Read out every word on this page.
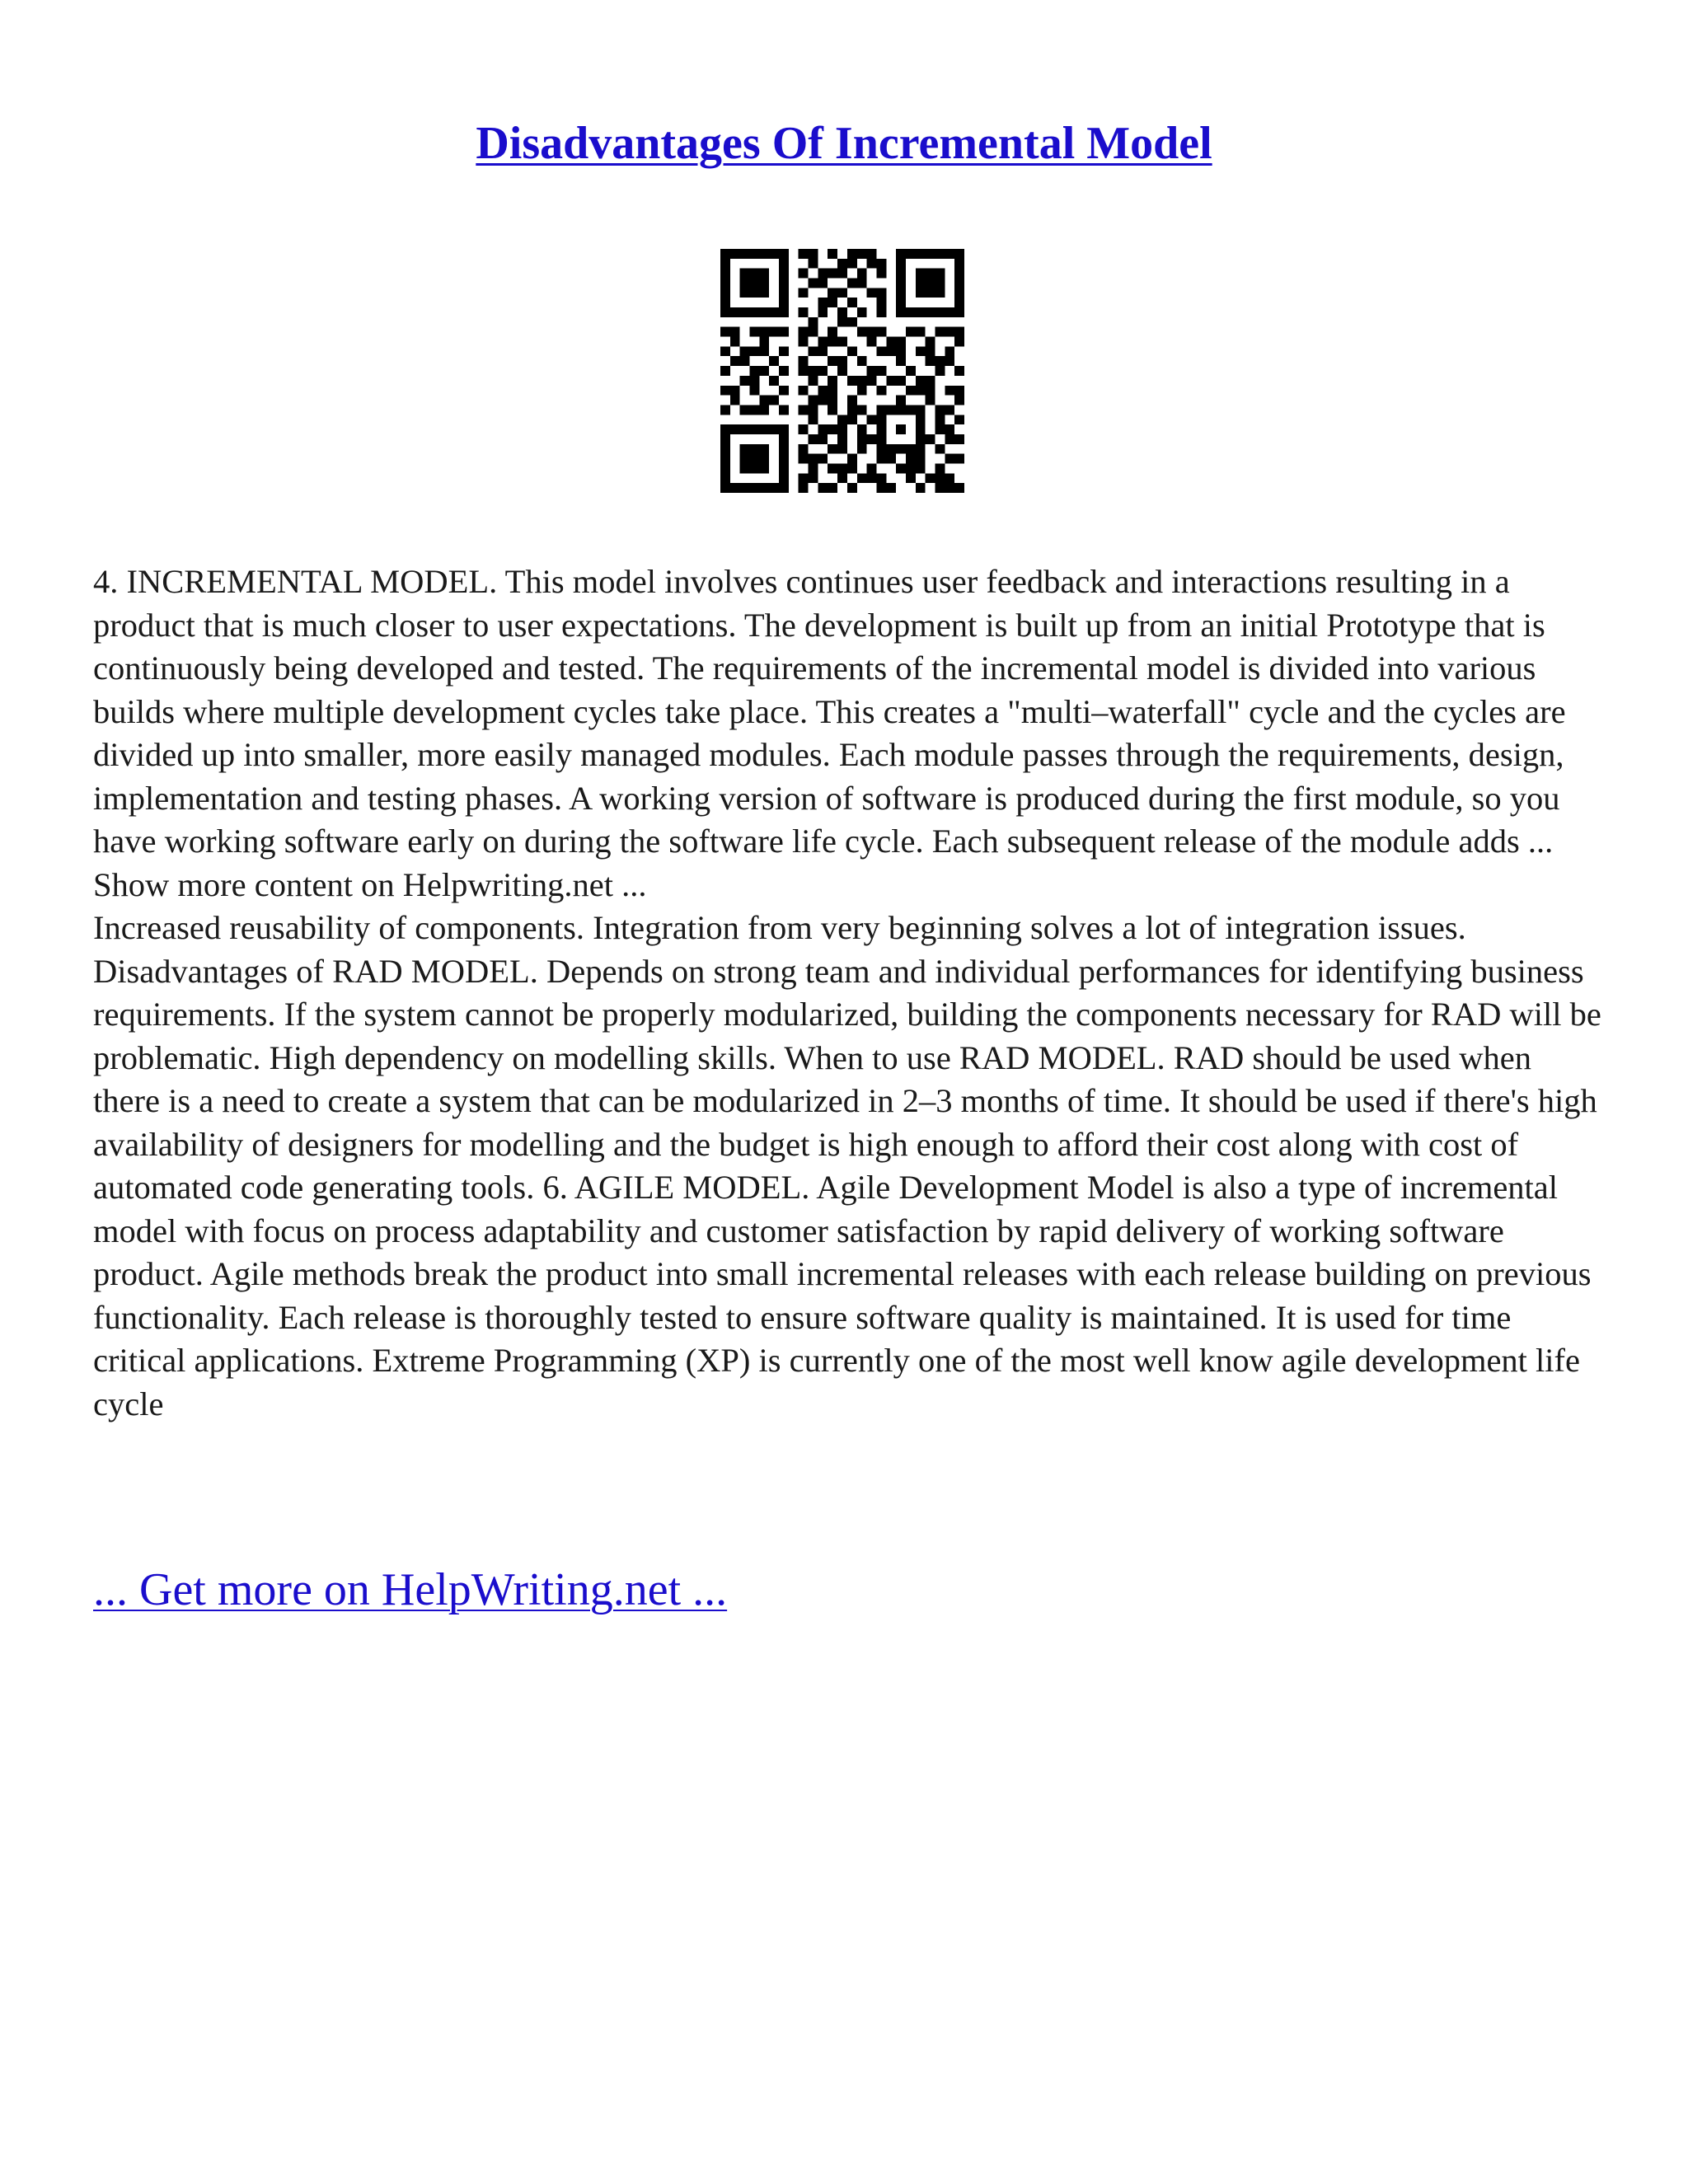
Disadvantages Of Incremental Model

4. INCREMENTAL MODEL. This model involves continues user feedback and interactions resulting in a product that is much closer to user expectations. The development is built up from an initial Prototype that is continuously being developed and tested. The requirements of the incremental model is divided into various builds where multiple development cycles take place. This creates a "multi–waterfall" cycle and the cycles are divided up into smaller, more easily managed modules. Each module passes through the requirements, design, implementation and testing phases. A working version of software is produced during the first module, so you have working software early on during the software life cycle. Each subsequent release of the module adds ... Show more content on Helpwriting.net ...

Increased reusability of components. Integration from very beginning solves a lot of integration issues. Disadvantages of RAD MODEL. Depends on strong team and individual performances for identifying business requirements. If the system cannot be properly modularized, building the components necessary for RAD will be problematic. High dependency on modelling skills. When to use RAD MODEL. RAD should be used when there is a need to create a system that can be modularized in 2–3 months of time. It should be used if there's high availability of designers for modelling and the budget is high enough to afford their cost along with cost of automated code generating tools. 6. AGILE MODEL. Agile Development Model is also a type of incremental model with focus on process adaptability and customer satisfaction by rapid delivery of working software product. Agile methods break the product into small incremental releases with each release building on previous functionality. Each release is thoroughly tested to ensure software quality is maintained. It is used for time critical applications. Extreme Programming (XP) is currently one of the most well know agile development life cycle

... Get more on HelpWriting.net ...
